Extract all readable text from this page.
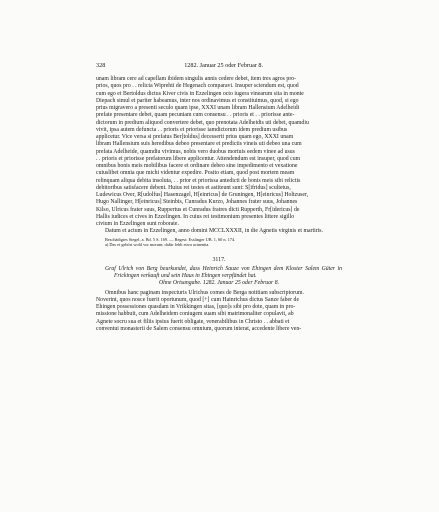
328	1282. Januar 25 oder Februar 8.

unam libram cere ad capellam ibidem singulis annis cedere debet, item tres agros pro-

prios, quos pro . . relicta Wiprehti de Hegenach comparavi. Insuper sciendum est, quod

cum ego et Bertoldus dictus Kiver civis in Ezzelingen octo iugera vinearum sita in monte

Diepach simul et pariter habeamus, inter nos ordinavimus et constituimus, quod, si ego

prius migravero a presenti seculo quam ipse, XXXI unam libram Hallensium Adelheidi

prefate presentare debet, quam pecuniam cum consensu . . prioris et . . priorisse ante-

dictorum in predium aliquod convertere debet, quo prenotata Adelheidis uti debet, quamdiu

vivit, ipsa autem defuncta . . prioris et priorisse iamdictorum idem predium usibus

applicetur. Vice versa si prefatus Ber[toldus] decesserit prius quam ego, XXXI unam

libram Hallensium suis heredibus debeo presentare et predictis vineis uti debeo una cum

prefata Adelheide, quamdiu vivimus, nobis vero duobus mortuis eedem vinee ad usus

. . prioris et priorisse prefatorum libere applicentur. Attendendum est insuper, quod cum

omnibus bonis meis mobilibus facere et ordinare debeo sine impedimento et vexatione

cuiuslibet omnia que michi videntur expedire. Posito etiam, quod post mortem meam

relinquam aliqua debita insoluta, . . prior et priorissa antedicti de bonis meis sibi relictis

debitoribus satisfacere debent. Huius rei testes et astiteunt sunt: S[ifridus] scultetus,

Ludewicus Over, R[udolfus] Hasenzagel, H[einricus] de Gruningen, H[einricus] Holtzuser,

Hugo Nallinger, H[einricus] Steinbis, Cunradus Kurzo, Johannes frater suus, Johannes

Kilso, Ulricus frater suus, Ruppertus et Cunradus fratres dicti Rupperth, Fr[idericus] de

Hallis iudices et cives in Ezzelingen. In cuius rei testimonium presentes littere sigillo

civium in Ezzelingen sunt roborate.

Datum et actum in Ezzelingen, anno domini MCCLXXXII, in die Agnetis virginis et martiris.

Beschädigtes Siegel, a. Bd. 5 S. 169. — Regest: Esslinger UB. 1, 60 n. 174.

a) Das et gehört wohl vor morum; dafür fehlt etwa acinentia.

3117.
Graf Ulrich von Berg beurkundet, dass Heinrich Sauze von Ehingen dem Kloster Salem Güter in Frickingen verkauft und sein Haus in Ehingen verpfändet hat.
Ohne Ortsangabe. 1282. Januar 25 oder Februar 8.

Omnibus hanc paginam inspecturis Ulrichus comes de Berga notitiam subscriptorum.

Noverint, quos nosce fuerit oportunum, quod [+] cum Hainrichus dictus Sanze faber de

Ehingen possessiones quasdam in Vrikkingen sitas, [quo]s sibi pro dote, quam in pro-

missione habbuit, cum Adelheidem coniugem suam sibi matrimonaliter copulavit, ab

Agnete socru sua et filiis ipsius fuerit obligate, venerabilibus in Christo . . abbati et

conventui monasterii de Salem consensu omnium, quorum interat, accedente libere ven-
